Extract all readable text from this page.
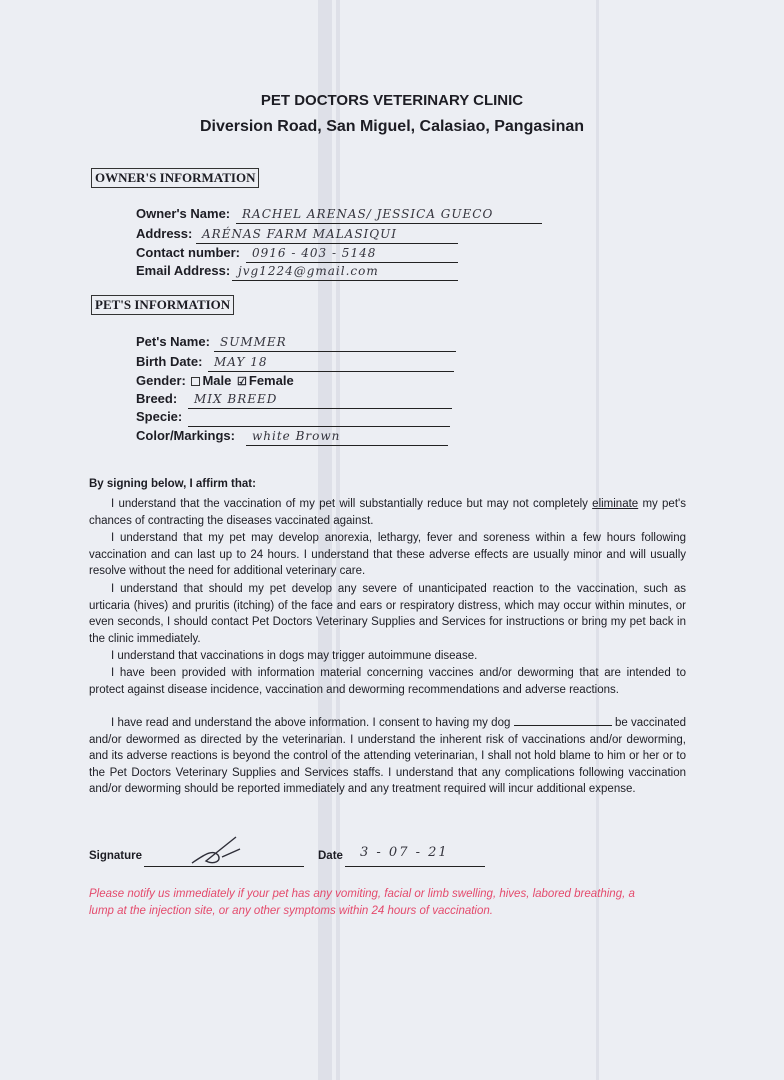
PET DOCTORS VETERINARY CLINIC
Diversion Road, San Miguel, Calasiao, Pangasinan
OWNER'S INFORMATION
Owner's Name: RACHEL ARENAS/ JESSICA GUECO
Address: ARÉNAS FARM MALASIQUI
Contact number:	0916 - 403 - 5148
Email Address: jvg1224@gmail.com
PET'S INFORMATION
Pet's Name: SUMMER
Birth Date: MAY 18
Gender: Male ☑ Female
Breed:	MIX BREED
Specie:
Color/Markings:	white Brown
By signing below, I affirm that:

I understand that the vaccination of my pet will substantially reduce but may not completely eliminate my pet's chances of contracting the diseases vaccinated against.

I understand that my pet may develop anorexia, lethargy, fever and soreness within a few hours following vaccination and can last up to 24 hours. I understand that these adverse effects are usually minor and will usually resolve without the need for additional veterinary care.

I understand that should my pet develop any severe of unanticipated reaction to the vaccination, such as urticaria (hives) and pruritis (itching) of the face and ears or respiratory distress, which may occur within minutes, or even seconds, I should contact Pet Doctors Veterinary Supplies and Services for instructions or bring my pet back in the clinic immediately.

I understand that vaccinations in dogs may trigger autoimmune disease.

I have been provided with information material concerning vaccines and/or deworming that are intended to protect against disease incidence, vaccination and deworming recommendations and adverse reactions.

I have read and understand the above information. I consent to having my dog	be vaccinated and/or dewormed as directed by the veterinarian. I understand the inherent risk of vaccinations and/or deworming, and its adverse reactions is beyond the control of the attending veterinarian, I shall not hold blame to him or her or to the Pet Doctors Veterinary Supplies and Services staffs. I understand that any complications following vaccination and/or deworming should be reported immediately and any treatment required will incur additional expense.

Signature	Date 3 - 07 - 21
Please notify us immediately if your pet has any vomiting, facial or limb swelling, hives, labored breathing, a lump at the injection site, or any other symptoms within 24 hours of vaccination.
